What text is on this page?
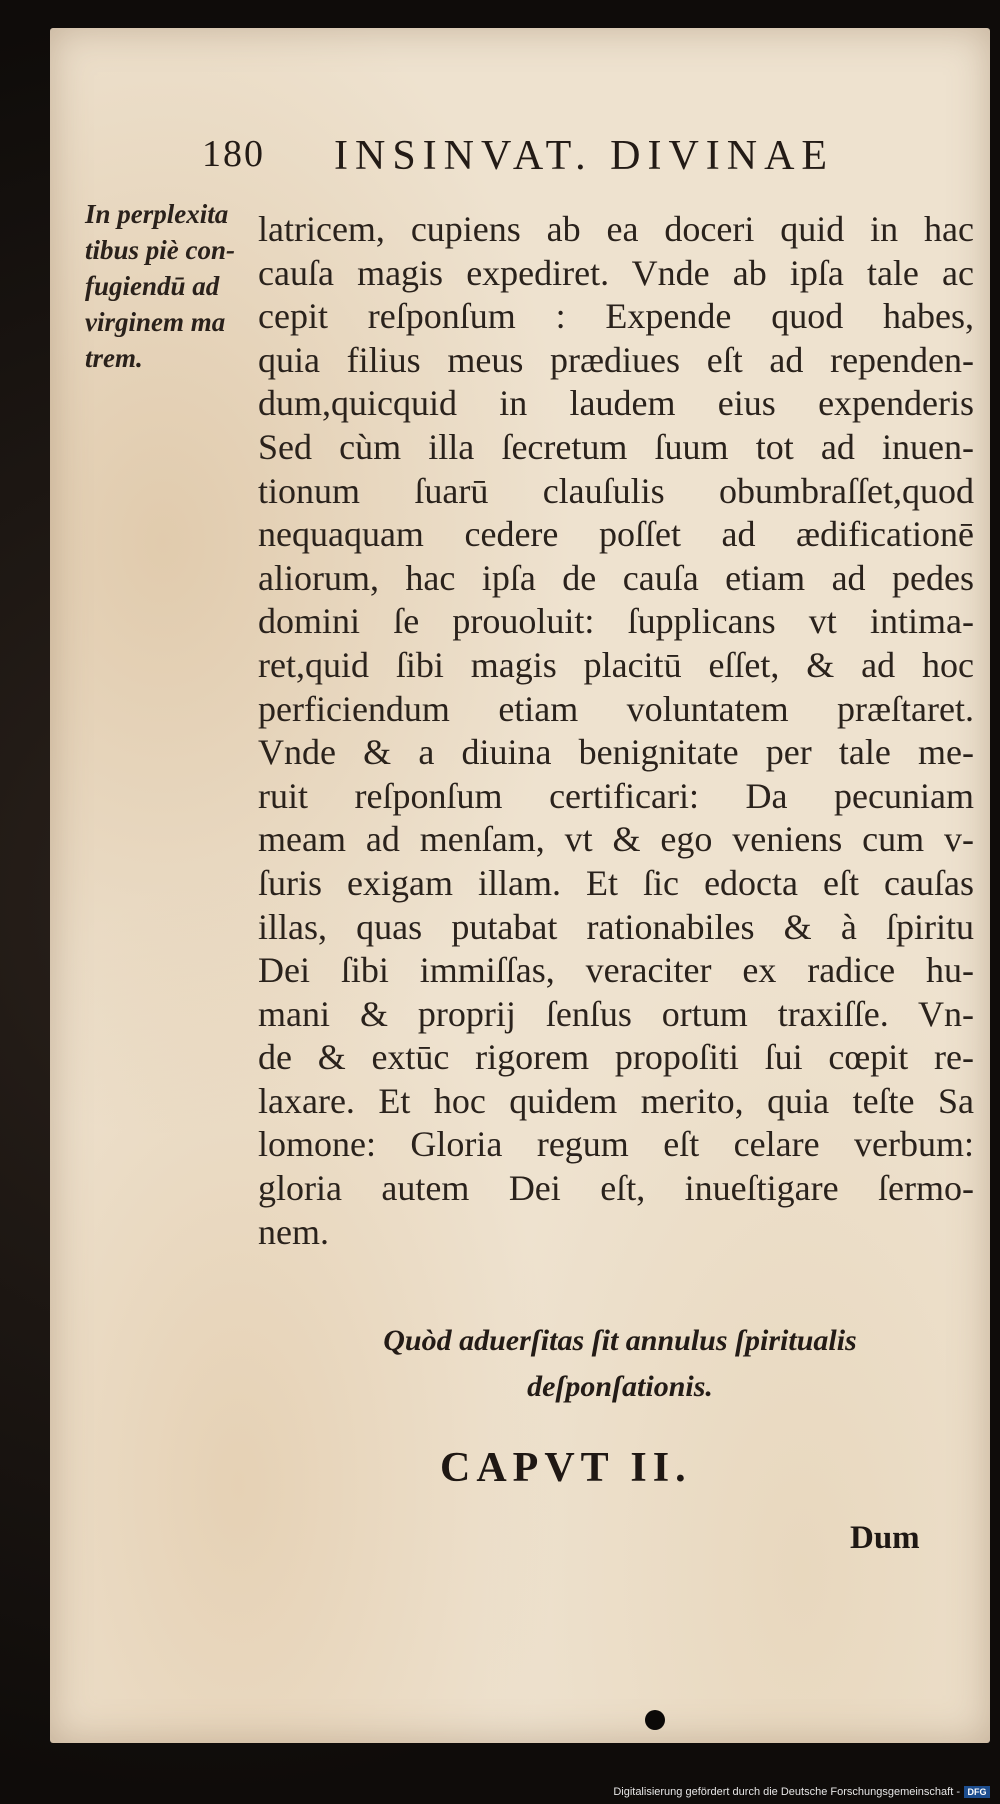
180 INSINVAT. DIVINAE
In perplexita
tibus piè con-
fugiendū ad
virginem ma
trem.
latricem, cupiens ab ea doceri quid in hac
cauſa magis expediret. Vnde ab ipſa tale ac
cepit reſponſum : Expende quod habes,
quia filius meus prædiues eſt ad rependen-
dum,quicquid in laudem eius expenderis
Sed cùm illa ſecretum ſuum tot ad inuen-
tionum ſuarū clauſulis obumbraſſet,quod
nequaquam cedere poſſet ad ædificationē
aliorum, hac ipſa de cauſa etiam ad pedes
domini ſe prouoluit: ſupplicans vt intima-
ret,quid ſibi magis placitū eſſet, & ad hoc
perficiendum etiam voluntatem præſtaret.
Vnde & a diuina benignitate per tale me-
ruit reſponſum certificari: Da pecuniam
meam ad menſam, vt & ego veniens cum v-
ſuris exigam illam. Et ſic edocta eſt cauſas
illas, quas putabat rationabiles & à ſpiritu
Dei ſibi immiſſas, veraciter ex radice hu-
mani & proprij ſenſus ortum traxiſſe. Vn-
de & extūc rigorem propoſiti ſui cœpit re-
laxare. Et hoc quidem merito, quia teſte Sa
lomone: Gloria regum eſt celare verbum:
gloria autem Dei eſt, inueſtigare ſermo-
nem.
Quòd aduerſitas ſit annulus ſpiritualis
deſponſationis.
CAPVT II.
Dum
Digitalisierung gefördert durch die Deutsche Forschungsgemeinschaft - DFG
